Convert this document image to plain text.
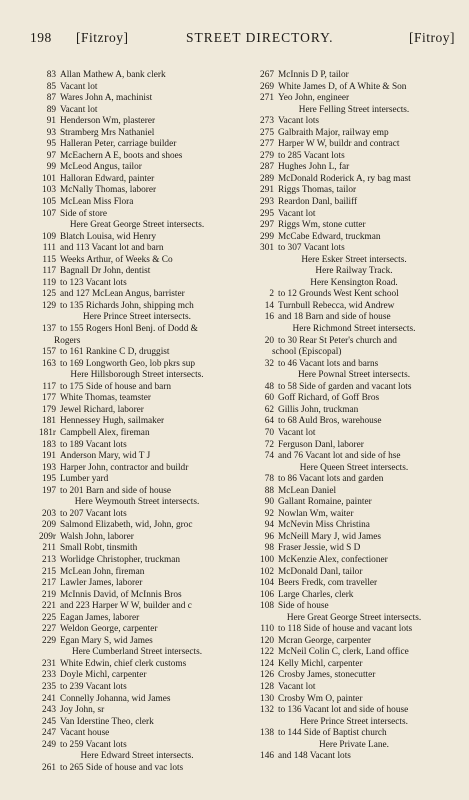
198	[Fitzroy]	STREET DIRECTORY.	[Fitroy]
83 Allan Mathew A, bank clerk
85 Vacant lot
87 Wares John A, machinist
89 Vacant lot
91 Henderson Wm, plasterer
93 Stramberg Mrs Nathaniel
95 Halleran Peter, carriage builder
97 McEachern A E, boots and shoes
99 McLeod Angus, tailor
101 Halloran Edward, painter
103 McNally Thomas, laborer
105 McLean Miss Flora
107 Side of store
Here Great George Street intersects.
109 Blatch Louisa, wid Henry
111 and 113 Vacant lot and barn
115 Weeks Arthur, of Weeks & Co
117 Bagnall Dr John, dentist
119 to 123 Vacant lots
125 and 127 McLean Angus, barrister
129 to 135 Richards John, shipping mch
Here Prince Street intersects.
137 to 155 Rogers Honl Benj. of Dodd &
Rogers
157 to 161 Rankine C D, druggist
163 to 169 Longworth Geo, lob pkrs sup
Here Hillsborough Street intersects.
117 to 175 Side of house and barn
177 White Thomas, teamster
179 Jewel Richard, laborer
181 Hennessey Hugh, sailmaker
181r Campbell Alex, fireman
183 to 189 Vacant lots
191 Anderson Mary, wid T J
193 Harper John, contractor and buildr
195 Lumber yard
197 to 201 Barn and side of house
Here Weymouth Street intersects.
203 to 207 Vacant lots
209 Salmond Elizabeth, wid, John, groc
209r Walsh John, laborer
211 Small Robt, tinsmith
213 Worlidge Christopher, truckman
215 McLean John, fireman
217 Lawler James, laborer
219 McInnis David, of McInnis Bros
221 and 223 Harper W W, builder and c
225 Eagan James, laborer
227 Weldon George, carpenter
229 Egan Mary S, wid James
Here Cumberland Street intersects.
231 White Edwin, chief clerk customs
233 Doyle Michl, carpenter
235 to 239 Vacant lots
241 Connelly Johanna, wid James
243 Joy John, sr
245 Van Iderstine Theo, clerk
247 Vacant house
249 to 259 Vacant lots
Here Edward Street intersects.
261 to 265 Side of house and vac lots
267 McInnis D P, tailor
269 White James D, of A White & Son
271 Yeo John, engineer
Here Felling Street intersects.
273 Vacant lots
275 Galbraith Major, railway emp
277 Harper W W, buildr and contract
279 to 285 Vacant lots
287 Hughes John L, far
289 McDonald Roderick A, ry bag mast
291 Riggs Thomas, tailor
293 Reardon Danl, bailiff
295 Vacant lot
297 Riggs Wm, stone cutter
299 McCabe Edward, truckman
301 to 307 Vacant lots
Here Esker Street intersects.
Here Railway Track.
Here Kensington Road.
2 to 12 Grounds West Kent school
14 Turnbull Rebecca, wid Andrew
16 and 18 Barn and side of house
Here Richmond Street intersects.
20 to 30 Rear St Peter's church and
school (Episcopal)
32 to 46 Vacant lots and barns
Here Pownal Street intersects.
48 to 58 Side of garden and vacant lots
60 Goff Richard, of Goff Bros
62 Gillis John, truckman
64 to 68 Auld Bros, warehouse
70 Vacant lot
72 Ferguson Danl, laborer
74 and 76 Vacant lot and side of hse
Here Queen Street intersects.
78 to 86 Vacant lots and garden
88 McLean Daniel
90 Gallant Romaine, painter
92 Nowlan Wm, waiter
94 McNevin Miss Christina
96 McNeill Mary J, wid James
98 Fraser Jessie, wid S D
100 McKenzie Alex, confectioner
102 McDonald Danl, tailor
104 Beers Fredk, com traveller
106 Large Charles, clerk
108 Side of house
Here Great George Street intersects.
110 to 118 Side of house and vacant lots
120 Mcran George, carpenter
122 McNeil Colin C, clerk, Land office
124 Kelly Michl, carpenter
126 Crosby James, stonecutter
128 Vacant lot
130 Crosby Wm O, painter
132 to 136 Vacant lot and side of house
Here Prince Street intersects.
138 to 144 Side of Baptist church
Here Private Lane.
146 and 148 Vacant lots
